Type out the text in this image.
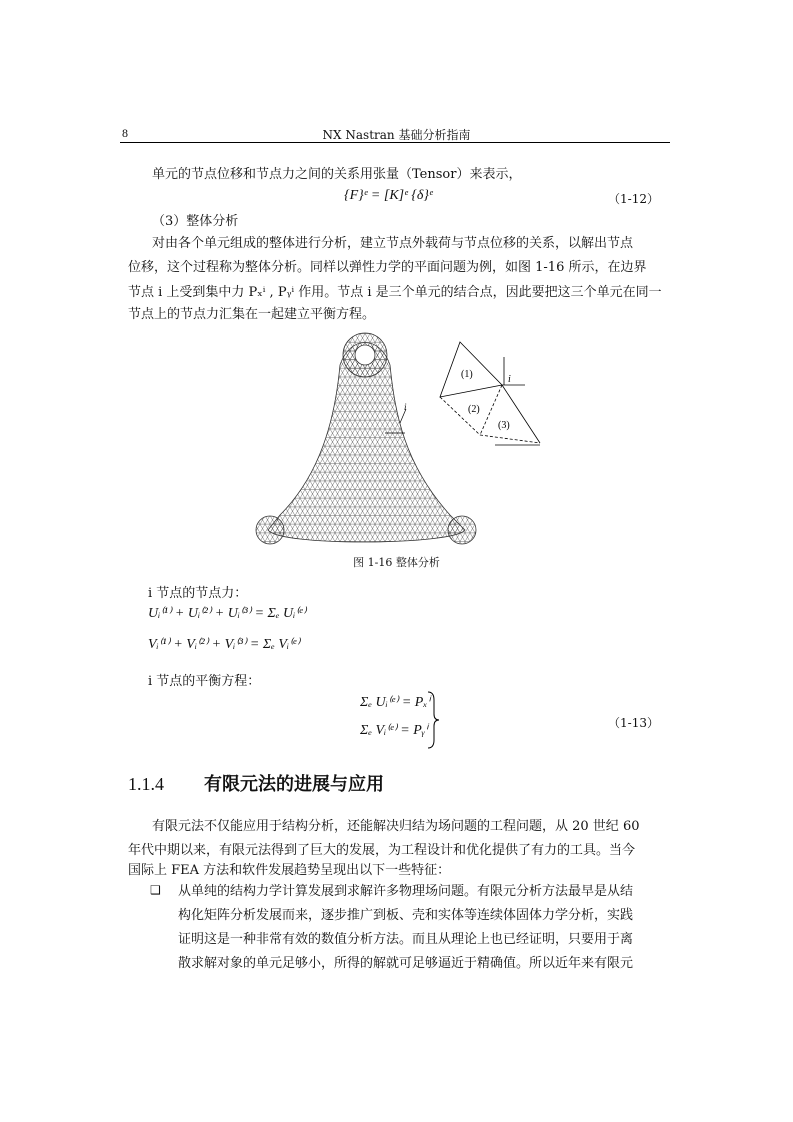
8	NX Nastran 基础分析指南
单元的节点位移和节点力之间的关系用张量（Tensor）来表示，
{F}ᵉ = [K]ᵉ {δ}ᵉ	（1-12）
（3）整体分析
对由各个单元组成的整体进行分析，建立节点外载荷与节点位移的关系，以解出节点
位移，这个过程称为整体分析。同样以弹性力学的平面问题为例，如图 1-16 所示，在边界
节点 i 上受到集中力 Pₓⁱ , Pᵧⁱ 作用。节点 i 是三个单元的结合点，因此要把这三个单元在同一
节点上的节点力汇集在一起建立平衡方程。
i
(1)
(2)
(3)
i
图 1-16 整体分析
i 节点的节点力：
Uᵢ⁽¹⁾ + Uᵢ⁽²⁾ + Uᵢ⁽³⁾ = Σₑ Uᵢ⁽ᵉ⁾
Vᵢ⁽¹⁾ + Vᵢ⁽²⁾ + Vᵢ⁽³⁾ = Σₑ Vᵢ⁽ᵉ⁾
i 节点的平衡方程：
Σₑ Uᵢ⁽ᵉ⁾ = Pₓⁱ
Σₑ Vᵢ⁽ᵉ⁾ = Pᵧⁱ	（1-13）
1.1.4 有限元法的进展与应用
有限元法不仅能应用于结构分析，还能解决归结为场问题的工程问题，从 20 世纪 60
年代中期以来，有限元法得到了巨大的发展，为工程设计和优化提供了有力的工具。当今
国际上 FEA 方法和软件发展趋势呈现出以下一些特征：
❑ 从单纯的结构力学计算发展到求解许多物理场问题。有限元分析方法最早是从结
构化矩阵分析发展而来，逐步推广到板、壳和实体等连续体固体力学分析，实践
证明这是一种非常有效的数值分析方法。而且从理论上也已经证明，只要用于离
散求解对象的单元足够小，所得的解就可足够逼近于精确值。所以近年来有限元
